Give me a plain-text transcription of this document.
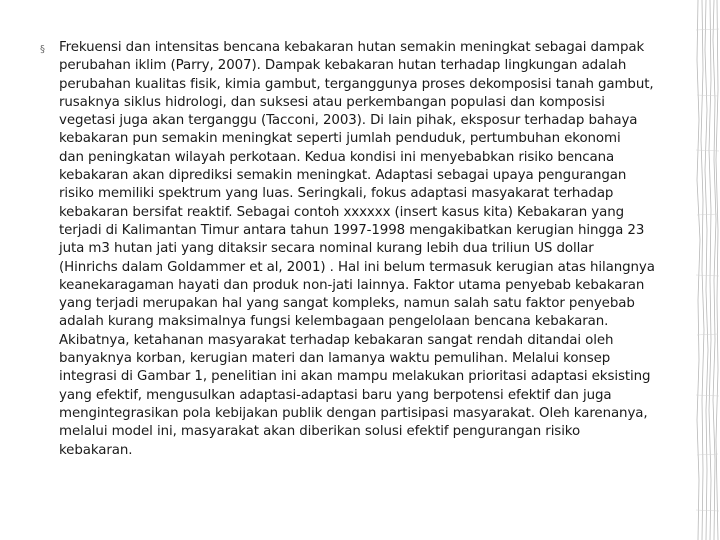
§	Frekuensi dan intensitas bencana kebakaran hutan semakin meningkat sebagai dampak
perubahan iklim (Parry, 2007). Dampak kebakaran hutan terhadap lingkungan adalah
perubahan kualitas fisik, kimia gambut, terganggunya proses dekomposisi tanah gambut,
rusaknya siklus hidrologi, dan suksesi atau perkembangan populasi dan komposisi
vegetasi juga akan terganggu (Tacconi, 2003). Di lain pihak, eksposur terhadap bahaya
kebakaran pun semakin meningkat seperti jumlah penduduk, pertumbuhan ekonomi
dan peningkatan wilayah perkotaan. Kedua kondisi ini menyebabkan risiko bencana
kebakaran akan diprediksi semakin meningkat. Adaptasi sebagai upaya pengurangan
risiko memiliki spektrum yang luas. Seringkali, fokus adaptasi masyakarat terhadap
kebakaran bersifat reaktif. Sebagai contoh xxxxxx (insert kasus kita) Kebakaran yang
terjadi di Kalimantan Timur antara tahun 1997-1998 mengakibatkan kerugian hingga 23
juta m3 hutan jati yang ditaksir secara nominal kurang lebih dua triliun US dollar
(Hinrichs dalam Goldammer et al, 2001) . Hal ini belum termasuk kerugian atas hilangnya
keanekaragaman hayati dan produk non-jati lainnya. Faktor utama penyebab kebakaran
yang terjadi merupakan hal yang sangat kompleks, namun salah satu faktor penyebab
adalah kurang maksimalnya fungsi kelembagaan pengelolaan bencana kebakaran.
Akibatnya, ketahanan masyarakat terhadap kebakaran sangat rendah ditandai oleh
banyaknya korban, kerugian materi dan lamanya waktu pemulihan. Melalui konsep
integrasi di Gambar 1, penelitian ini akan mampu melakukan prioritasi adaptasi eksisting
yang efektif, mengusulkan adaptasi-adaptasi baru yang berpotensi efektif dan juga
mengintegrasikan pola kebijakan publik dengan partisipasi masyarakat. Oleh karenanya,
melalui model ini, masyarakat akan diberikan solusi efektif pengurangan risiko
kebakaran.
